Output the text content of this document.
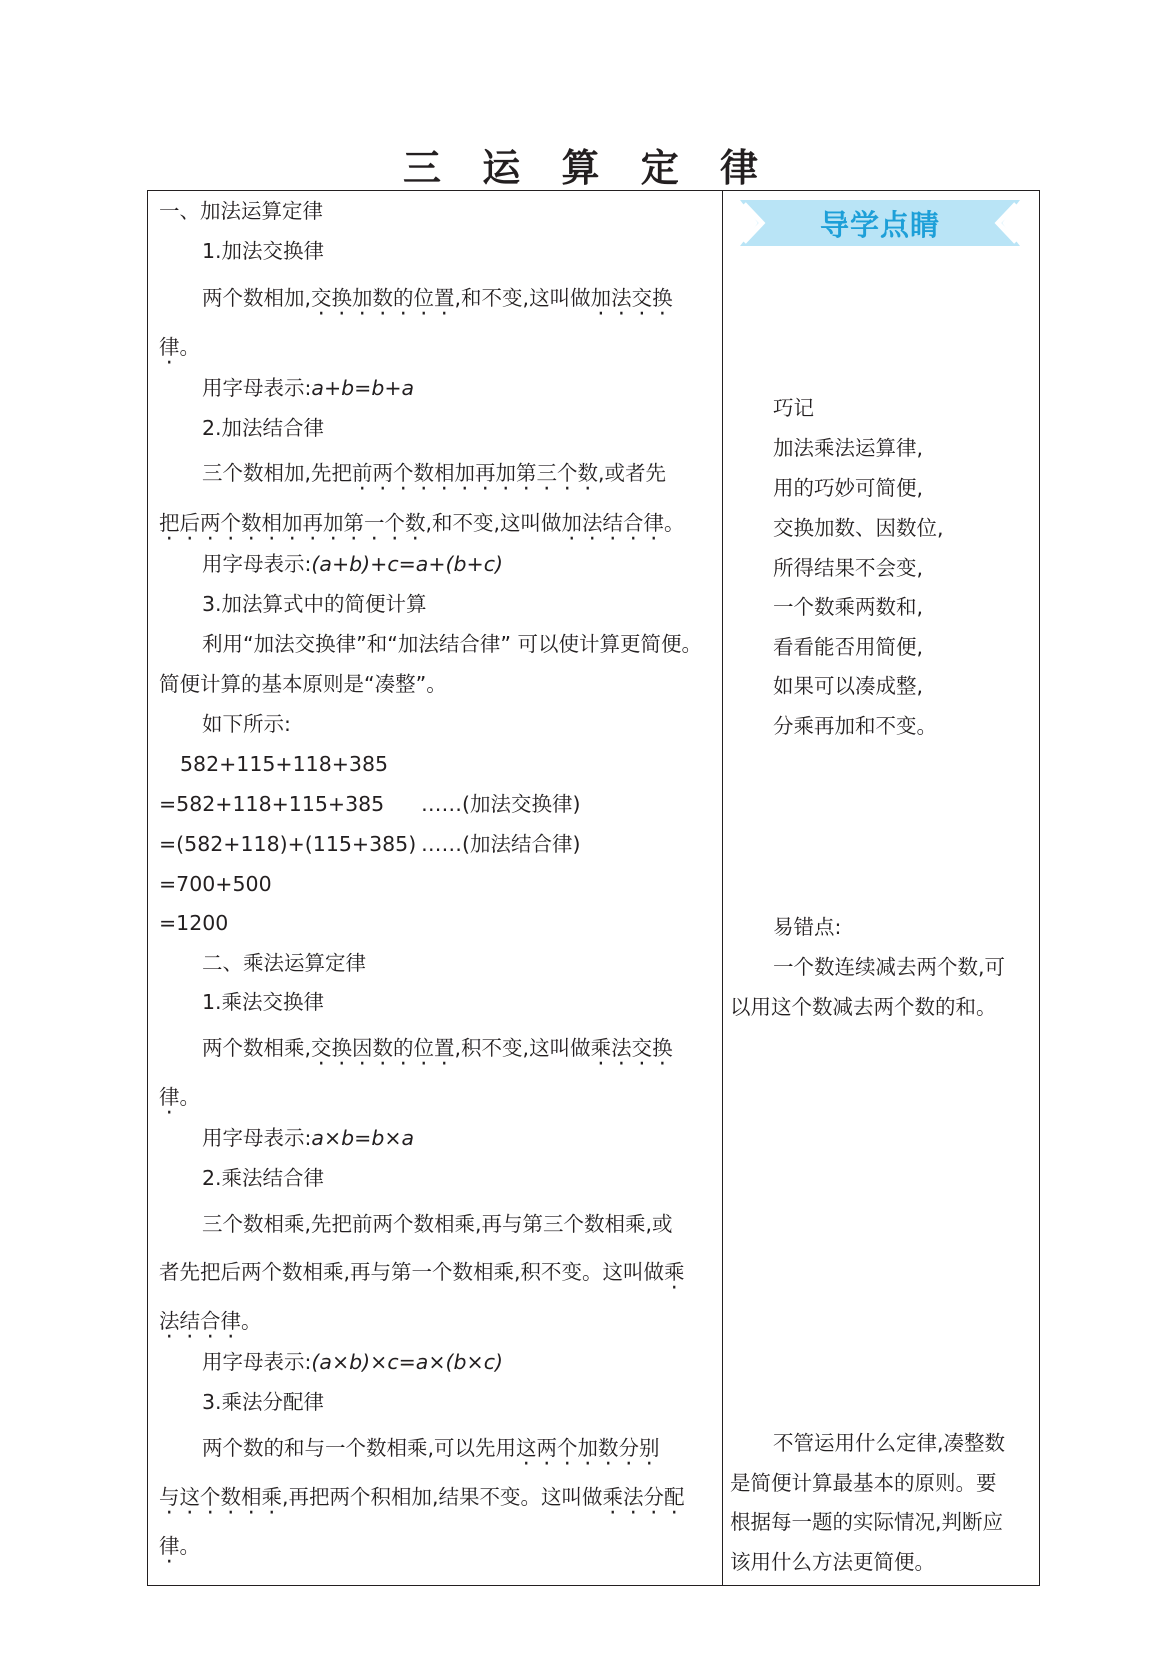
三 运 算 定 律
一、加法运算定律
1.加法交换律
两个数相加,交换加数的位置,和不变,这叫做加法交换
律。
用字母表示:a+b=b+a
2.加法结合律
三个数相加,先把前两个数相加再加第三个数,或者先
把后两个数相加再加第一个数,和不变,这叫做加法结合律。
用字母表示:(a+b)+c=a+(b+c)
3.加法算式中的简便计算
利用“加法交换律”和“加法结合律” 可以使计算更简便。
简便计算的基本原则是“凑整”。
如下所示:
582+115+118+385
=582+118+115+385 ……(加法交换律)
=(582+118)+(115+385) ……(加法结合律)
=700+500
=1200
二、乘法运算定律
1.乘法交换律
两个数相乘,交换因数的位置,积不变,这叫做乘法交换
律。
用字母表示:a×b=b×a
2.乘法结合律
三个数相乘,先把前两个数相乘,再与第三个数相乘,或
者先把后两个数相乘,再与第一个数相乘,积不变。这叫做乘
法结合律。
用字母表示:(a×b)×c=a×(b×c)
3.乘法分配律
两个数的和与一个数相乘,可以先用这两个加数分别
与这个数相乘,再把两个积相加,结果不变。这叫做乘法分配
律。
导学点睛
巧记
加法乘法运算律,
用的巧妙可简便,
交换加数、因数位,
所得结果不会变,
一个数乘两数和,
看看能否用简便,
如果可以凑成整,
分乘再加和不变。
易错点:
一个数连续减去两个数,可
以用这个数减去两个数的和。
不管运用什么定律,凑整数
是简便计算最基本的原则。要
根据每一题的实际情况,判断应
该用什么方法更简便。
